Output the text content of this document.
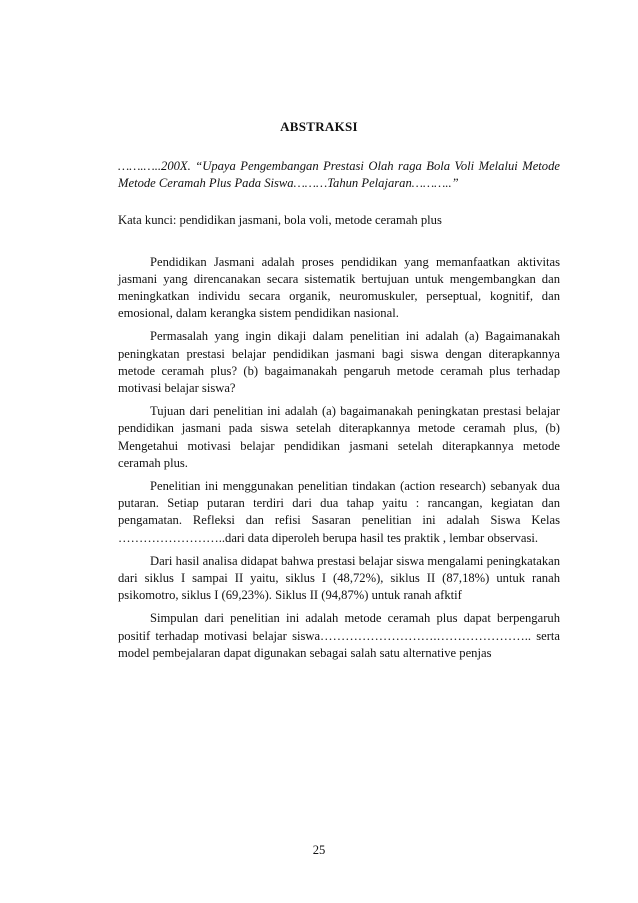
ABSTRAKSI

…….…..200X. “Upaya Pengembangan Prestasi Olah raga Bola Voli Melalui Metode Metode Ceramah Plus Pada Siswa………Tahun Pelajaran………..”

Kata kunci: pendidikan jasmani, bola voli, metode ceramah plus

Pendidikan Jasmani adalah proses pendidikan yang memanfaatkan aktivitas jasmani yang direncanakan secara sistematik bertujuan untuk mengembangkan dan meningkatkan individu secara organik, neuromuskuler, perseptual, kognitif, dan emosional, dalam kerangka sistem pendidikan nasional.

Permasalah yang ingin dikaji dalam penelitian ini adalah (a) Bagaimanakah peningkatan prestasi belajar pendidikan jasmani bagi siswa dengan diterapkannya metode ceramah plus? (b) bagaimanakah pengaruh metode ceramah plus terhadap motivasi belajar siswa?

Tujuan dari penelitian ini adalah (a) bagaimanakah peningkatan prestasi belajar pendidikan jasmani pada siswa setelah diterapkannya metode ceramah plus, (b) Mengetahui motivasi belajar pendidikan jasmani setelah diterapkannya metode ceramah plus.

Penelitian ini menggunakan penelitian tindakan (action research) sebanyak dua putaran. Setiap putaran terdiri dari dua tahap yaitu : rancangan, kegiatan dan pengamatan. Refleksi dan refisi Sasaran penelitian ini adalah Siswa Kelas ……………………..dari data diperoleh berupa hasil tes praktik , lembar observasi.

Dari hasil analisa didapat bahwa prestasi belajar siswa mengalami peningkatakan dari siklus I sampai II yaitu, siklus I (48,72%), siklus II (87,18%) untuk ranah psikomotro, siklus I (69,23%). Siklus II (94,87%) untuk ranah afktif

Simpulan dari penelitian ini adalah metode ceramah plus dapat berpengaruh positif terhadap motivasi belajar siswa……………………….………………….. serta model pembejalaran dapat digunakan sebagai salah satu alternative penjas

25
